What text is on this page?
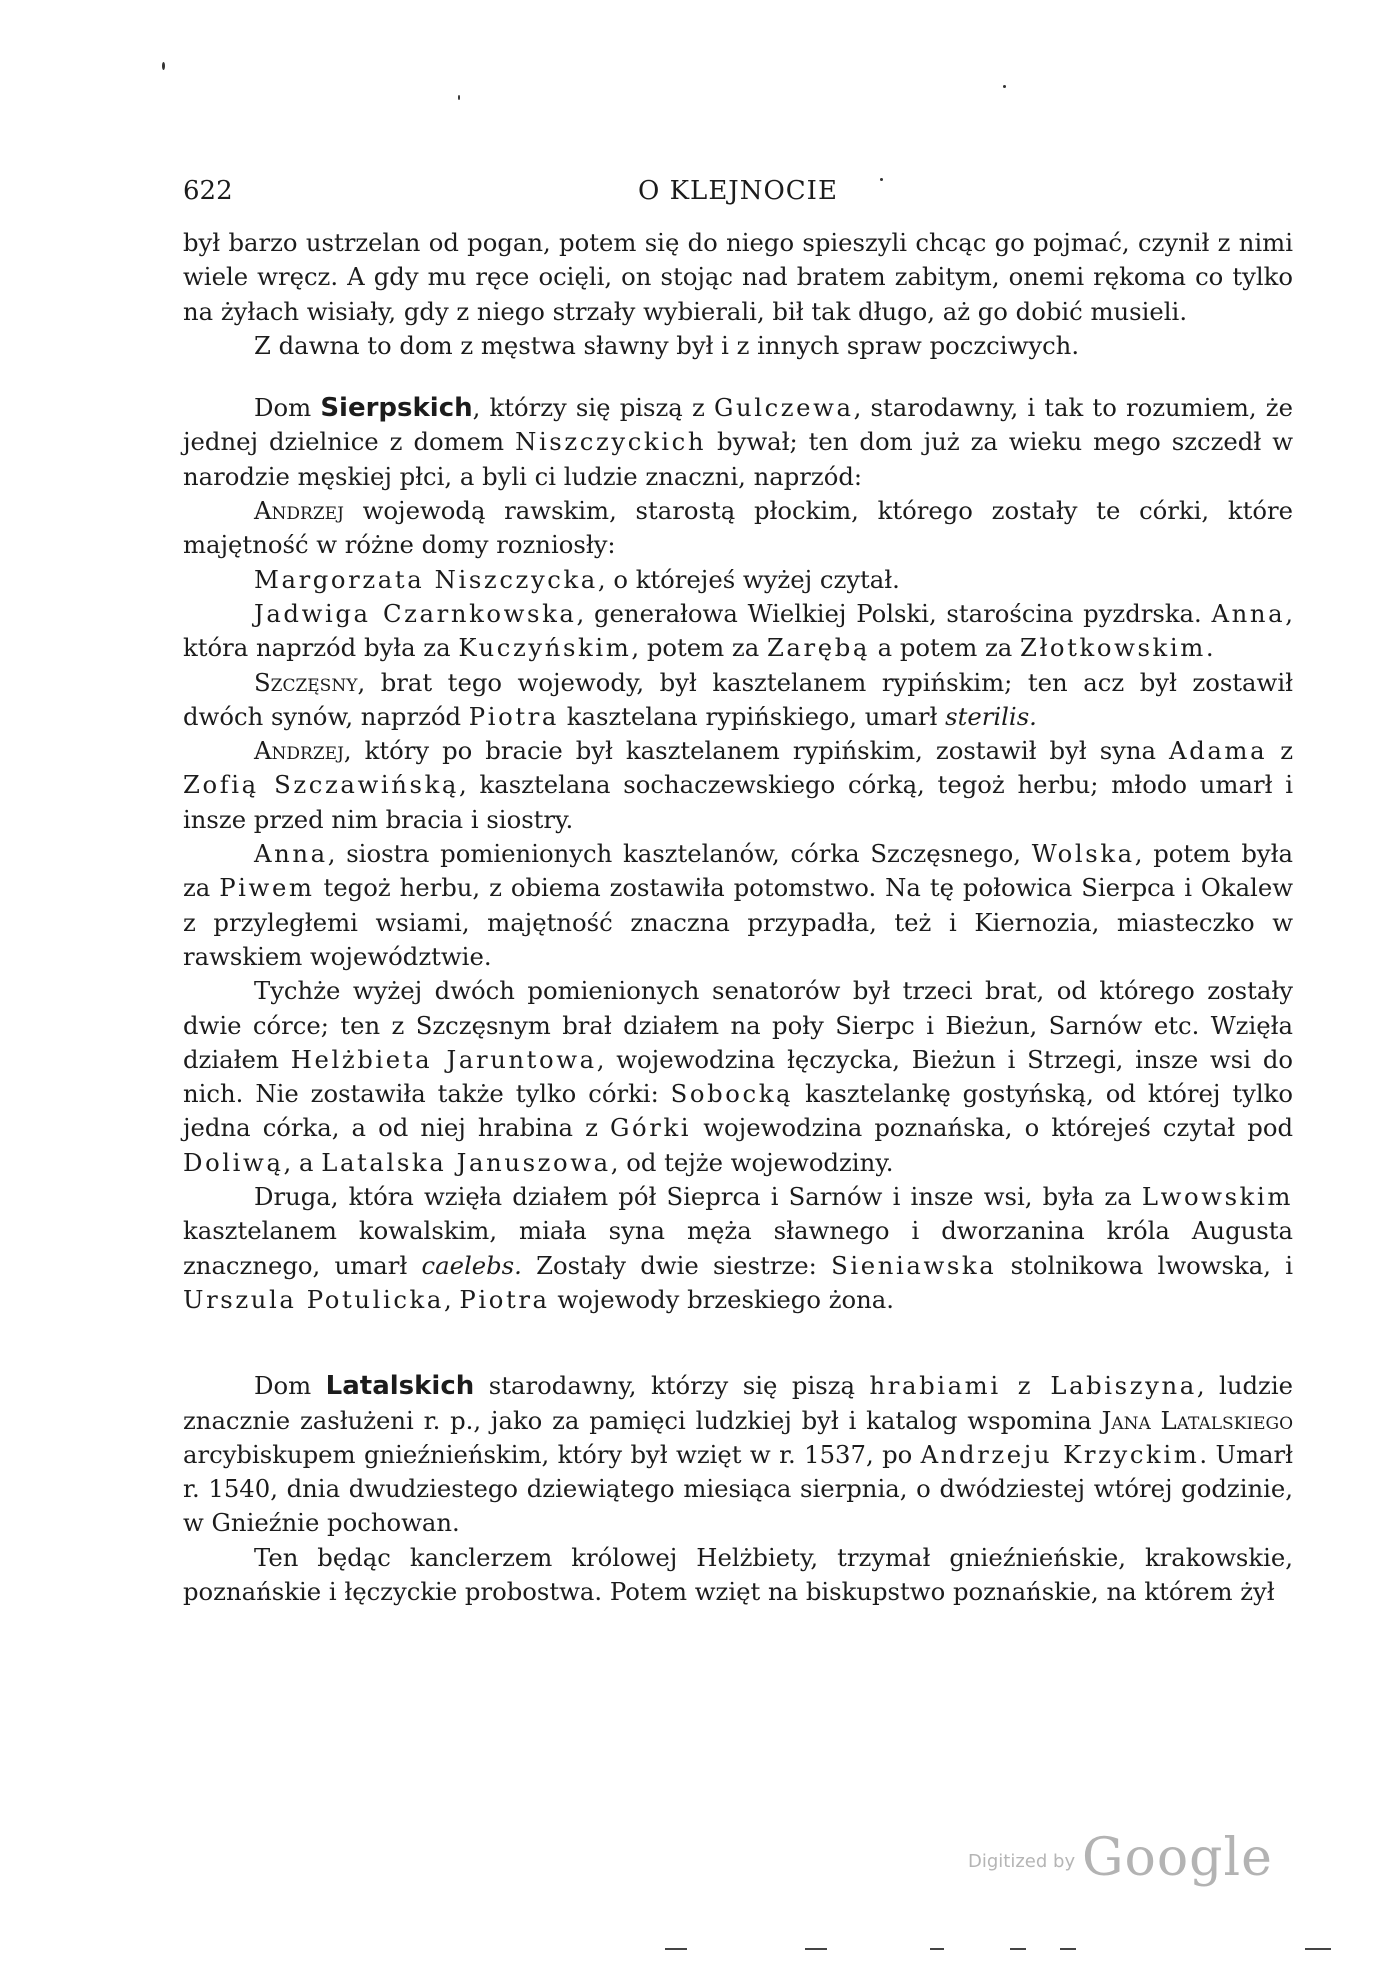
622	O KLEJNOCIE

był barzo ustrzelan od pogan, potem się do niego spieszyli chcąc go pojmać, czynił z nimi wiele wręcz. A gdy mu ręce ocięli, on stojąc nad bratem zabitym, onemi rękoma co tylko na żyłach wisiały, gdy z niego strzały wybierali, bił tak długo, aż go dobić musieli.

Z dawna to dom z męstwa sławny był i z innych spraw poczciwych.

Dom Sierpskich, którzy się piszą z Gulczewa, starodawny, i tak to rozumiem, że jednej dzielnice z domem Niszczyckich bywał; ten dom już za wieku mego szczedł w narodzie męskiej płci, a byli ci ludzie znaczni, naprzód:

Andrzej wojewodą rawskim, starostą płockim, którego zostały te córki, które majętność w różne domy rozniosły:

Margorzata Niszczycka, o którejeś wyżej czytał.

Jadwiga Czarnkowska, generałowa Wielkiej Polski, starościna pyzdrska. Anna, która naprzód była za Kuczyńskim, potem za Zarębą a potem za Złotkowskim.

Szczęsny, brat tego wojewody, był kasztelanem rypińskim; ten acz był zostawił dwóch synów, naprzód Piotra kasztelana rypińskiego, umarł sterilis.

Andrzej, który po bracie był kasztelanem rypińskim, zostawił był syna Adama z Zofią Szczawińską, kasztelana sochaczewskiego córką, tegoż herbu; młodo umarł i insze przed nim bracia i siostry.

Anna, siostra pomienionych kasztelanów, córka Szczęsnego, Wolska, potem była za Piwem tegoż herbu, z obiema zostawiła potomstwo. Na tę połowica Sierpca i Okalew z przyległemi wsiami, majętność znaczna przypadła, też i Kiernozia, miasteczko w rawskiem województwie.

Tychże wyżej dwóch pomienionych senatorów był trzeci brat, od którego zostały dwie córce; ten z Szczęsnym brał działem na poły Sierpc i Bieżun, Sarnów etc. Wzięła działem Helżbieta Jaruntowa, wojewodzina łęczycka, Bieżun i Strzegi, insze wsi do nich. Nie zostawiła także tylko córki: Sobocką kasztelankę gostyńską, od której tylko jedna córka, a od niej hrabina z Górki wojewodzina poznańska, o którejeś czytał pod Doliwą, a Latalska Januszowa, od tejże wojewodziny.

Druga, która wzięła działem pół Sieprca i Sarnów i insze wsi, była za Lwowskim kasztelanem kowalskim, miała syna męża sławnego i dworzanina króla Augusta znacznego, umarł caelebs. Zostały dwie siestrze: Sieniawska stolnikowa lwowska, i Urszula Potulicka, Piotra wojewody brzeskiego żona.

Dom Latalskich starodawny, którzy się piszą hrabiami z Labiszyna, ludzie znacznie zasłużeni r. p., jako za pamięci ludzkiej był i katalog wspomina Jana Latalskiego arcybiskupem gnieźnieńskim, który był wzięt w r. 1537, po Andrzeju Krzyckim. Umarł r. 1540, dnia dwudziestego dziewiątego miesiąca sierpnia, o dwódziestej wtórej godzinie, w Gnieźnie pochowan.

Ten będąc kanclerzem królowej Helżbiety, trzymał gnieźnieńskie, krakowskie, poznańskie i łęczyckie probostwa. Potem wzięt na biskupstwo poznańskie, na którem żył

Digitized by Google
